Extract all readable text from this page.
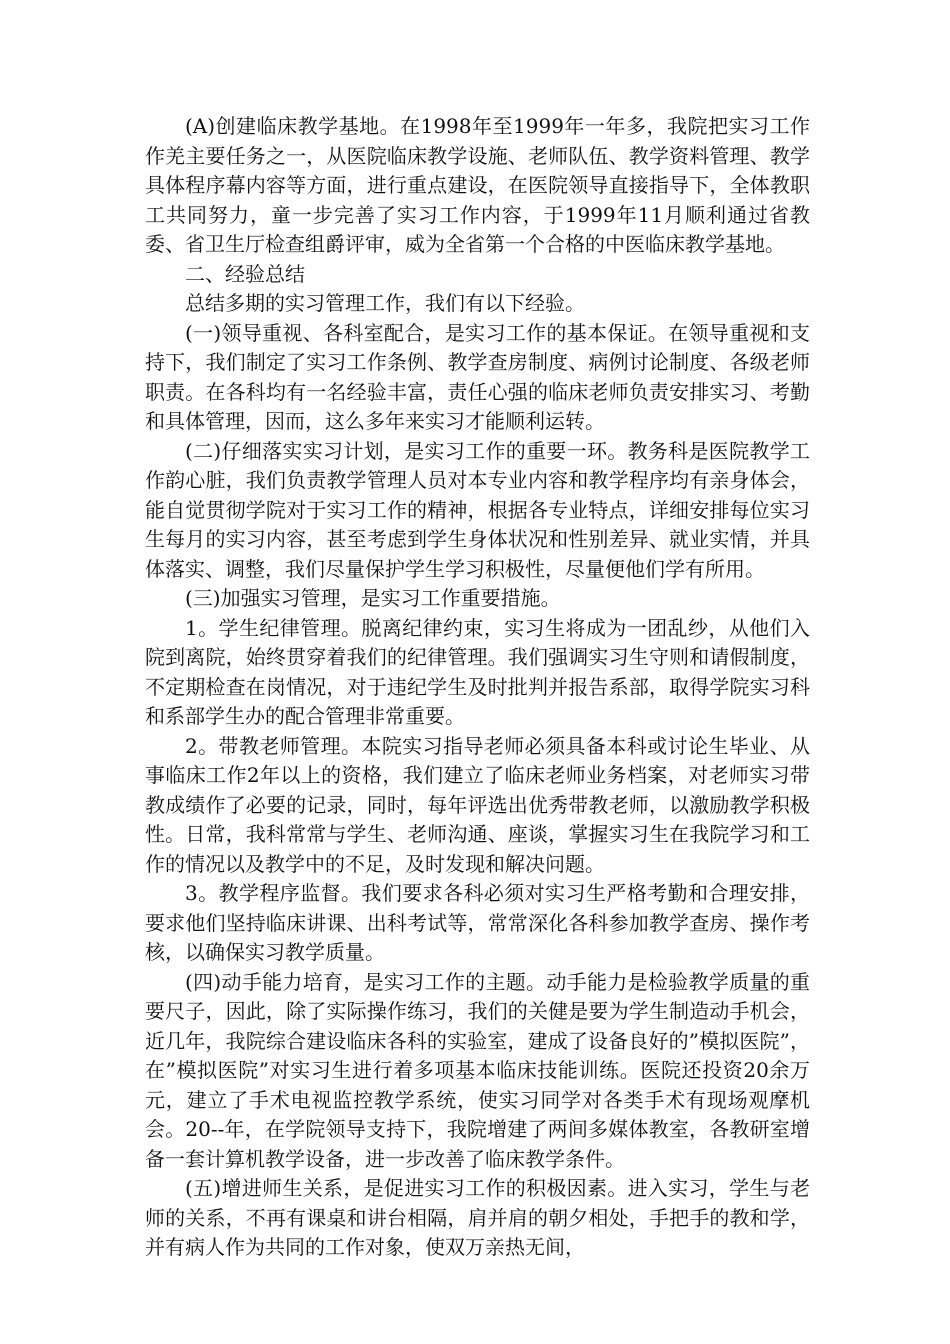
(A)创建临床教学基地。在1998年至1999年一年多，我院把实习工作作羌主要任务之一，从医院临床教学设施、老师队伍、教学资料管理、教学具体程序幕内容等方面，进行重点建设，在医院领导直接指导下，全体教职工共同努力，童一步完善了实习工作内容，于1999年11月顺利通过省教委、省卫生厅检查组爵评审，威为全省第一个合格的中医临床教学基地。

二、经验总结

总结多期的实习管理工作，我们有以下经验。

(一)领导重视、各科室配合，是实习工作的基本保证。在领导重视和支持下，我们制定了实习工作条例、教学查房制度、病例讨论制度、各级老师职责。在各科均有一名经验丰富，责任心强的临床老师负责安排实习、考勤和具体管理，因而，这么多年来实习才能顺利运转。

(二)仔细落实实习计划，是实习工作的重要一环。教务科是医院教学工作韵心脏，我们负责教学管理人员对本专业内容和教学程序均有亲身体会，能自觉贯彻学院对于实习工作的精神，根据各专业特点，详细安排每位实习生每月的实习内容，甚至考虑到学生身体状况和性别差异、就业实情，并具体落实、调整，我们尽量保护学生学习积极性，尽量便他们学有所用。

(三)加强实习管理，是实习工作重要措施。

1。学生纪律管理。脱离纪律约束，实习生将成为一团乱纱，从他们入院到离院，始终贯穿着我们的纪律管理。我们强调实习生守则和请假制度，不定期检查在岗情况，对于违纪学生及时批判并报告系部，取得学院实习科和系部学生办的配合管理非常重要。

2。带教老师管理。本院实习指导老师必须具备本科或讨论生毕业、从事临床工作2年以上的资格，我们建立了临床老师业务档案，对老师实习带教成绩作了必要的记录，同时，每年评选出优秀带教老师，以激励教学积极性。日常，我科常常与学生、老师沟通、座谈，掌握实习生在我院学习和工作的情况以及教学中的不足，及时发现和解决问题。

3。教学程序监督。我们要求各科必须对实习生严格考勤和合理安排，要求他们坚持临床讲课、出科考试等，常常深化各科参加教学查房、操作考核，以确保实习教学质量。

(四)动手能力培育，是实习工作的主题。动手能力是检验教学质量的重要尺子，因此，除了实际操作练习，我们的关健是要为学生制造动手机会，近几年，我院综合建设临床各科的实验室，建成了设备良好的”模拟医院”，在”模拟医院”对实习生进行着多项基本临床技能训练。医院还投资20余万元，建立了手术电视监控教学系统，使实习同学对各类手术有现场观摩机会。20--年，在学院领导支持下，我院增建了两间多媒体教室，各教研室增备一套计算机教学设备，进一步改善了临床教学条件。

(五)增进师生关系，是促进实习工作的积极因素。进入实习，学生与老师的关系，不再有课桌和讲台相隔，肩并肩的朝夕相处，手把手的教和学，并有病人作为共同的工作对象，使双万亲热无间，
